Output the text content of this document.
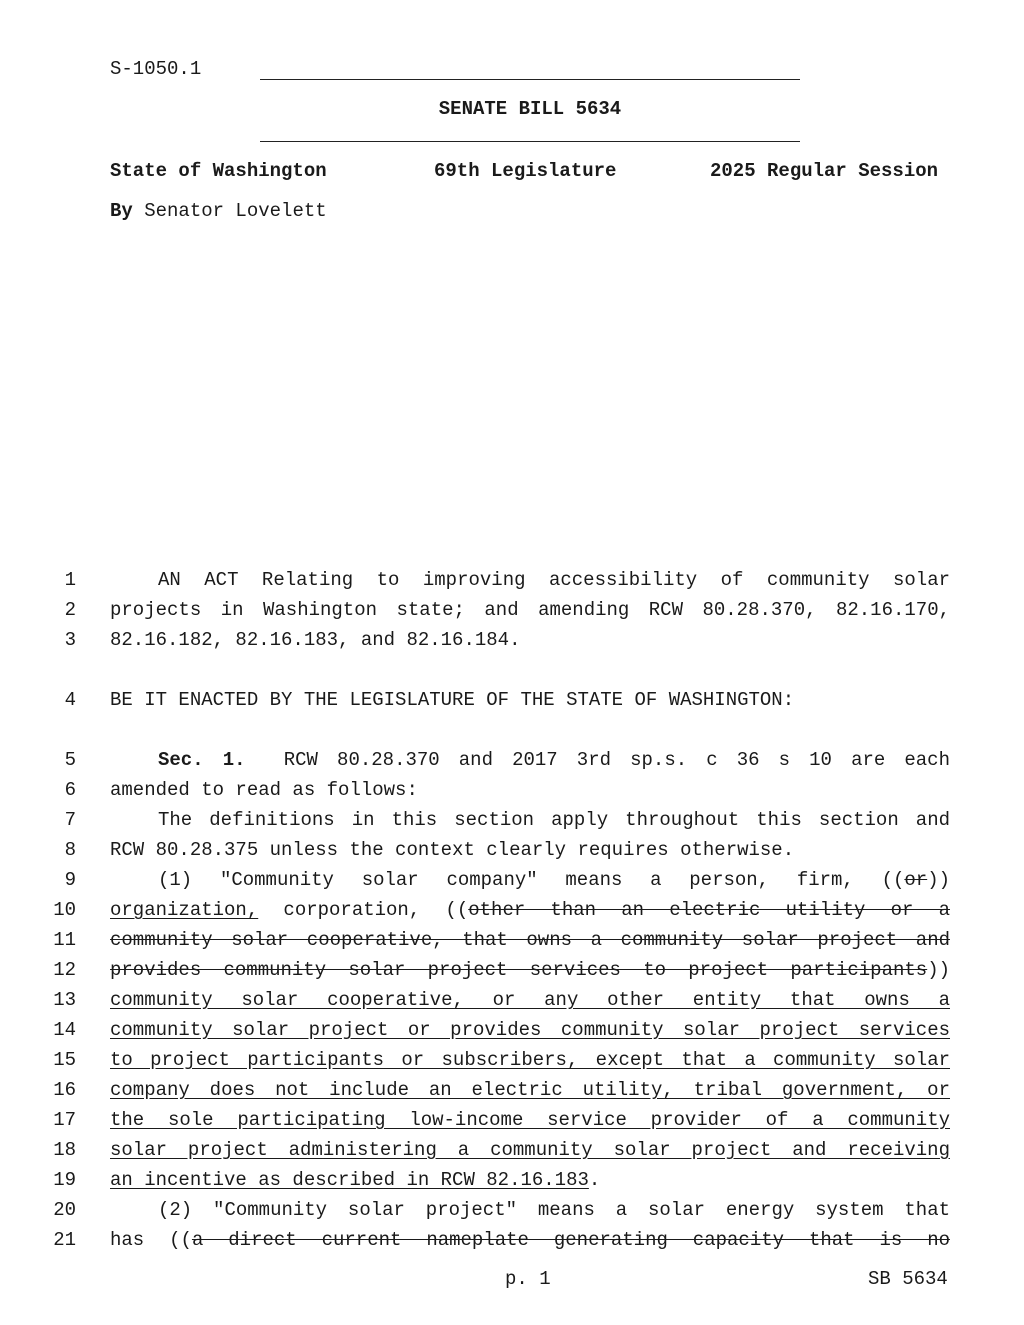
S-1050.1
SENATE BILL 5634
State of Washington	69th Legislature	2025 Regular Session
By Senator Lovelett
1	AN ACT Relating to improving accessibility of community solar
2 projects in Washington state; and amending RCW 80.28.370, 82.16.170,
3 82.16.182, 82.16.183, and 82.16.184.
4 BE IT ENACTED BY THE LEGISLATURE OF THE STATE OF WASHINGTON:
5	Sec. 1.  RCW 80.28.370 and 2017 3rd sp.s. c 36 s 10 are each
6 amended to read as follows:
7	The definitions in this section apply throughout this section and
8 RCW 80.28.375 unless the context clearly requires otherwise.
9	(1) "Community solar company" means a person, firm, ((or))
10 organization, corporation, ((other than an electric utility or a
11 community solar cooperative, that owns a community solar project and
12 provides community solar project services to project participants))
13 community solar cooperative, or any other entity that owns a
14 community solar project or provides community solar project services
15 to project participants or subscribers, except that a community solar
16 company does not include an electric utility, tribal government, or
17 the sole participating low-income service provider of a community
18 solar project administering a community solar project and receiving
19 an incentive as described in RCW 82.16.183.
20	(2) "Community solar project" means a solar energy system that
21 has ((a direct current nameplate generating capacity that is no
p. 1	SB 5634
